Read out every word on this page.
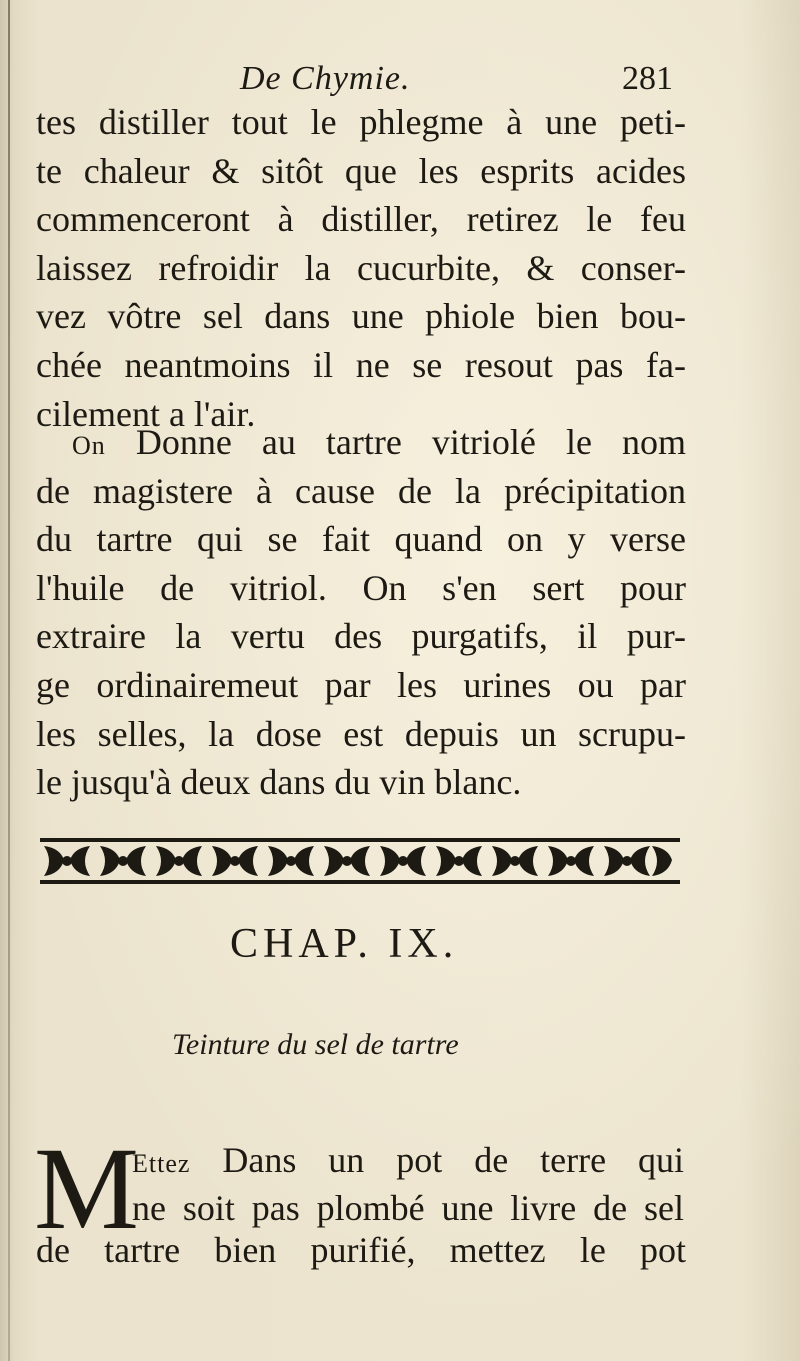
De Chymie.	281
tes distiller tout le phlegme à une peti-
te chaleur & sitôt que les esprits acides
commenceront à distiller, retirez le feu
laissez refroidir la cucurbite, & conser-
vez vôtre sel dans une phiole bien bou-
chée neantmoins il ne se resout pas fa-
cilement a l'air.
  On Donne au tartre vitriolé le nom
de magistere à cause de la précipitation
du tartre qui se fait quand on y verse
l'huile de vitriol. On s'en sert pour
extraire la vertu des purgatifs, il pur-
ge ordinairemeut par les urines ou par
les selles, la dose est depuis un scrupu-
le jusqu'à deux dans du vin blanc.
CHAP. IX.
Teinture du sel de tartre
M
Ettez Dans un pot de terre qui
ne soit pas plombé une livre de sel
de tartre bien purifié, mettez le pot
